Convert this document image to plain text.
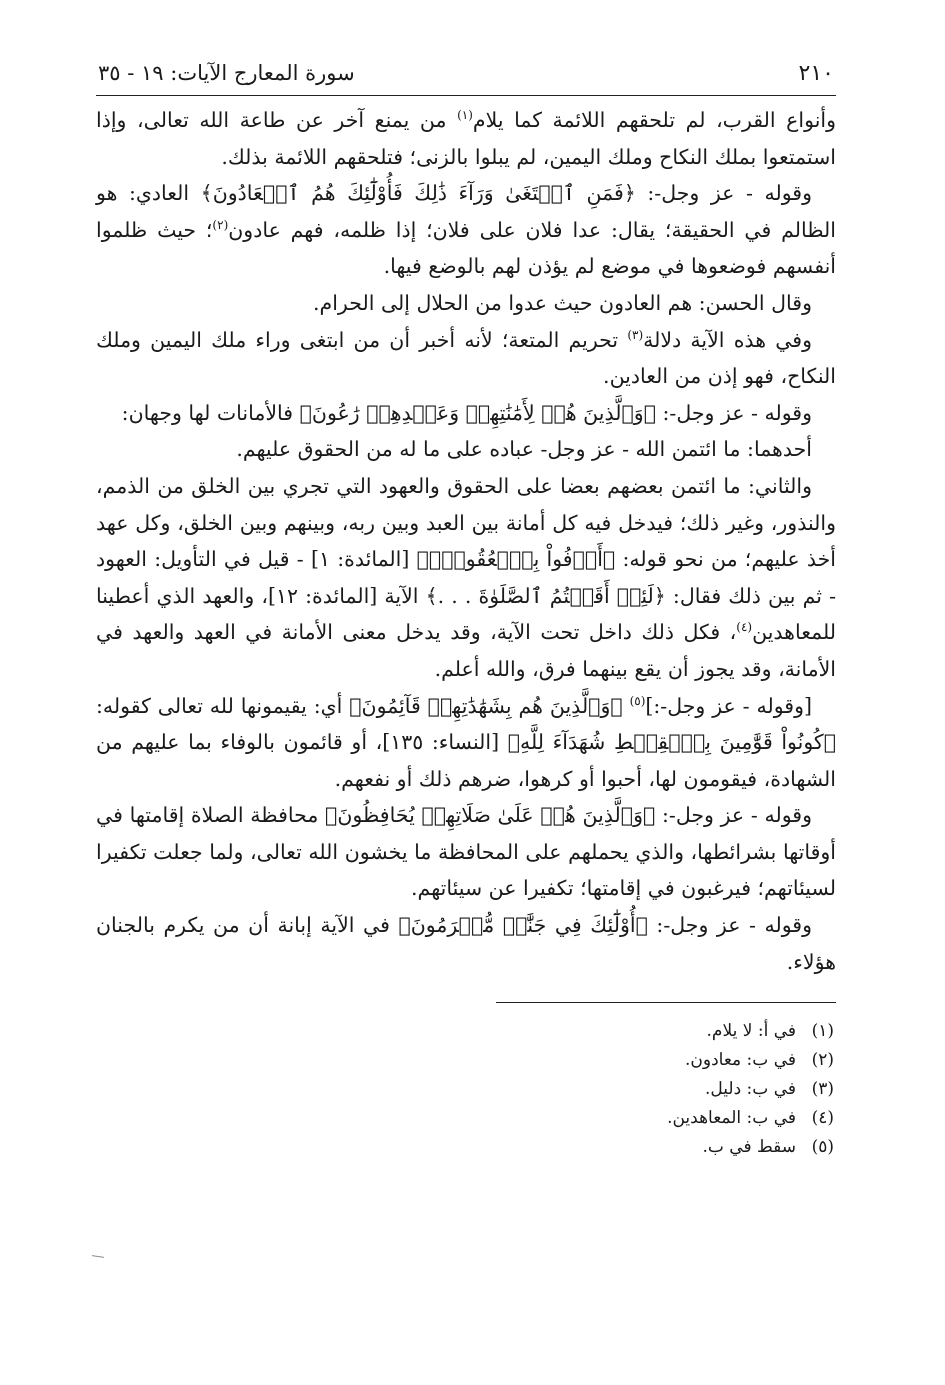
٢١٠
سورة المعارج الآيات: ١٩ - ٣٥

وأنواع القرب، لم تلحقهم اللائمة كما يلام$^{(١)}$ من يمنع آخر عن طاعة الله تعالى، وإذا استمتعوا بملك النكاح وملك اليمين، لم يبلوا بالزنى؛ فتلحقهم اللائمة بذلك.

وقوله - عز وجل-: ﴿فَمَنِ ٱبۡتَغَىٰ وَرَآءَ ذَٰلِكَ فَأُوْلَٰٓئِكَ هُمُ ٱلۡعَادُونَ﴾ العادي: هو الظالم في الحقيقة؛ يقال: عدا فلان على فلان؛ إذا ظلمه، فهم عادون$^{(٢)}$؛ حيث ظلموا أنفسهم فوضعوها في موضع لم يؤذن لهم بالوضع فيها.

وقال الحسن: هم العادون حيث عدوا من الحلال إلى الحرام.

وفي هذه الآية دلالة$^{(٣)}$ تحريم المتعة؛ لأنه أخبر أن من ابتغى وراء ملك اليمين وملك النكاح، فهو إذن من العادين.

وقوله - عز وجل-: ﴿وَٱلَّذِينَ هُمۡ لِأَمَٰنَٰتِهِمۡ وَعَهۡدِهِمۡ رَٰعُونَ﴾ فالأمانات لها وجهان:

أحدهما: ما ائتمن الله - عز وجل- عباده على ما له من الحقوق عليهم.

والثاني: ما ائتمن بعضهم بعضا على الحقوق والعهود التي تجري بين الخلق من الذمم، والنذور، وغير ذلك؛ فيدخل فيه كل أمانة بين العبد وبين ربه، وبينهم وبين الخلق، وكل عهد أخذ عليهم؛ من نحو قوله: ﴿أَوۡفُواْ بِٱلۡعُقُودِۚ﴾ [المائدة: ١] - قيل في التأويل: العهود - ثم بين ذلك فقال: ﴿لَئِنۡ أَقَمۡتُمُ ٱلصَّلَوٰةَ . . .﴾ الآية [المائدة: ١٢]، والعهد الذي أعطينا للمعاهدين$^{(٤)}$، فكل ذلك داخل تحت الآية، وقد يدخل معنى الأمانة في العهد والعهد في الأمانة، وقد يجوز أن يقع بينهما فرق، والله أعلم.

[وقوله - عز وجل-:]$^{(٥)}$ ﴿وَٱلَّذِينَ هُم بِشَهَٰدَٰتِهِمۡ قَآئِمُونَ﴾ أي: يقيمونها لله تعالى كقوله: ﴿كُونُواْ قَوَّٰمِينَ بِٱلۡقِسۡطِ شُهَدَآءَ لِلَّهِ﴾ [النساء: ١٣٥]، أو قائمون بالوفاء بما عليهم من الشهادة، فيقومون لها، أحبوا أو كرهوا، ضرهم ذلك أو نفعهم.

وقوله - عز وجل-: ﴿وَٱلَّذِينَ هُمۡ عَلَىٰ صَلَاتِهِمۡ يُحَافِظُونَ﴾ محافظة الصلاة إقامتها في أوقاتها بشرائطها، والذي يحملهم على المحافظة ما يخشون الله تعالى، ولما جعلت تكفيرا لسيئاتهم؛ فيرغبون في إقامتها؛ تكفيرا عن سيئاتهم.

وقوله - عز وجل-: ﴿أُوْلَٰٓئِكَ فِي جَنَّٰتٖ مُّكۡرَمُونَ﴾ في الآية إبانة أن من يكرم بالجنان هؤلاء.

(١)
في أ: لا يلام.
(٢)
في ب: معادون.
(٣)
في ب: دليل.
(٤)
في ب: المعاهدين.
(٥)
سقط في ب.
